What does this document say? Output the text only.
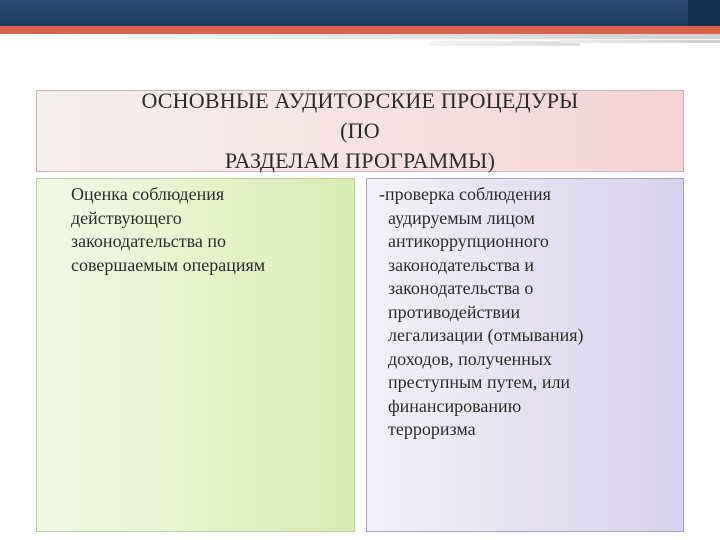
ОСНОВНЫЕ АУДИТОРСКИЕ ПРОЦЕДУРЫ (ПО
РАЗДЕЛАМ ПРОГРАММЫ)
Оценка соблюдения
действующего
законодательства по
совершаемым операциям
-проверка соблюдения
аудируемым лицом
антикоррупционного
законодательства и
законодательства о
противодействии
легализации (отмывания)
доходов, полученных
преступным путем, или
финансированию
терроризма
